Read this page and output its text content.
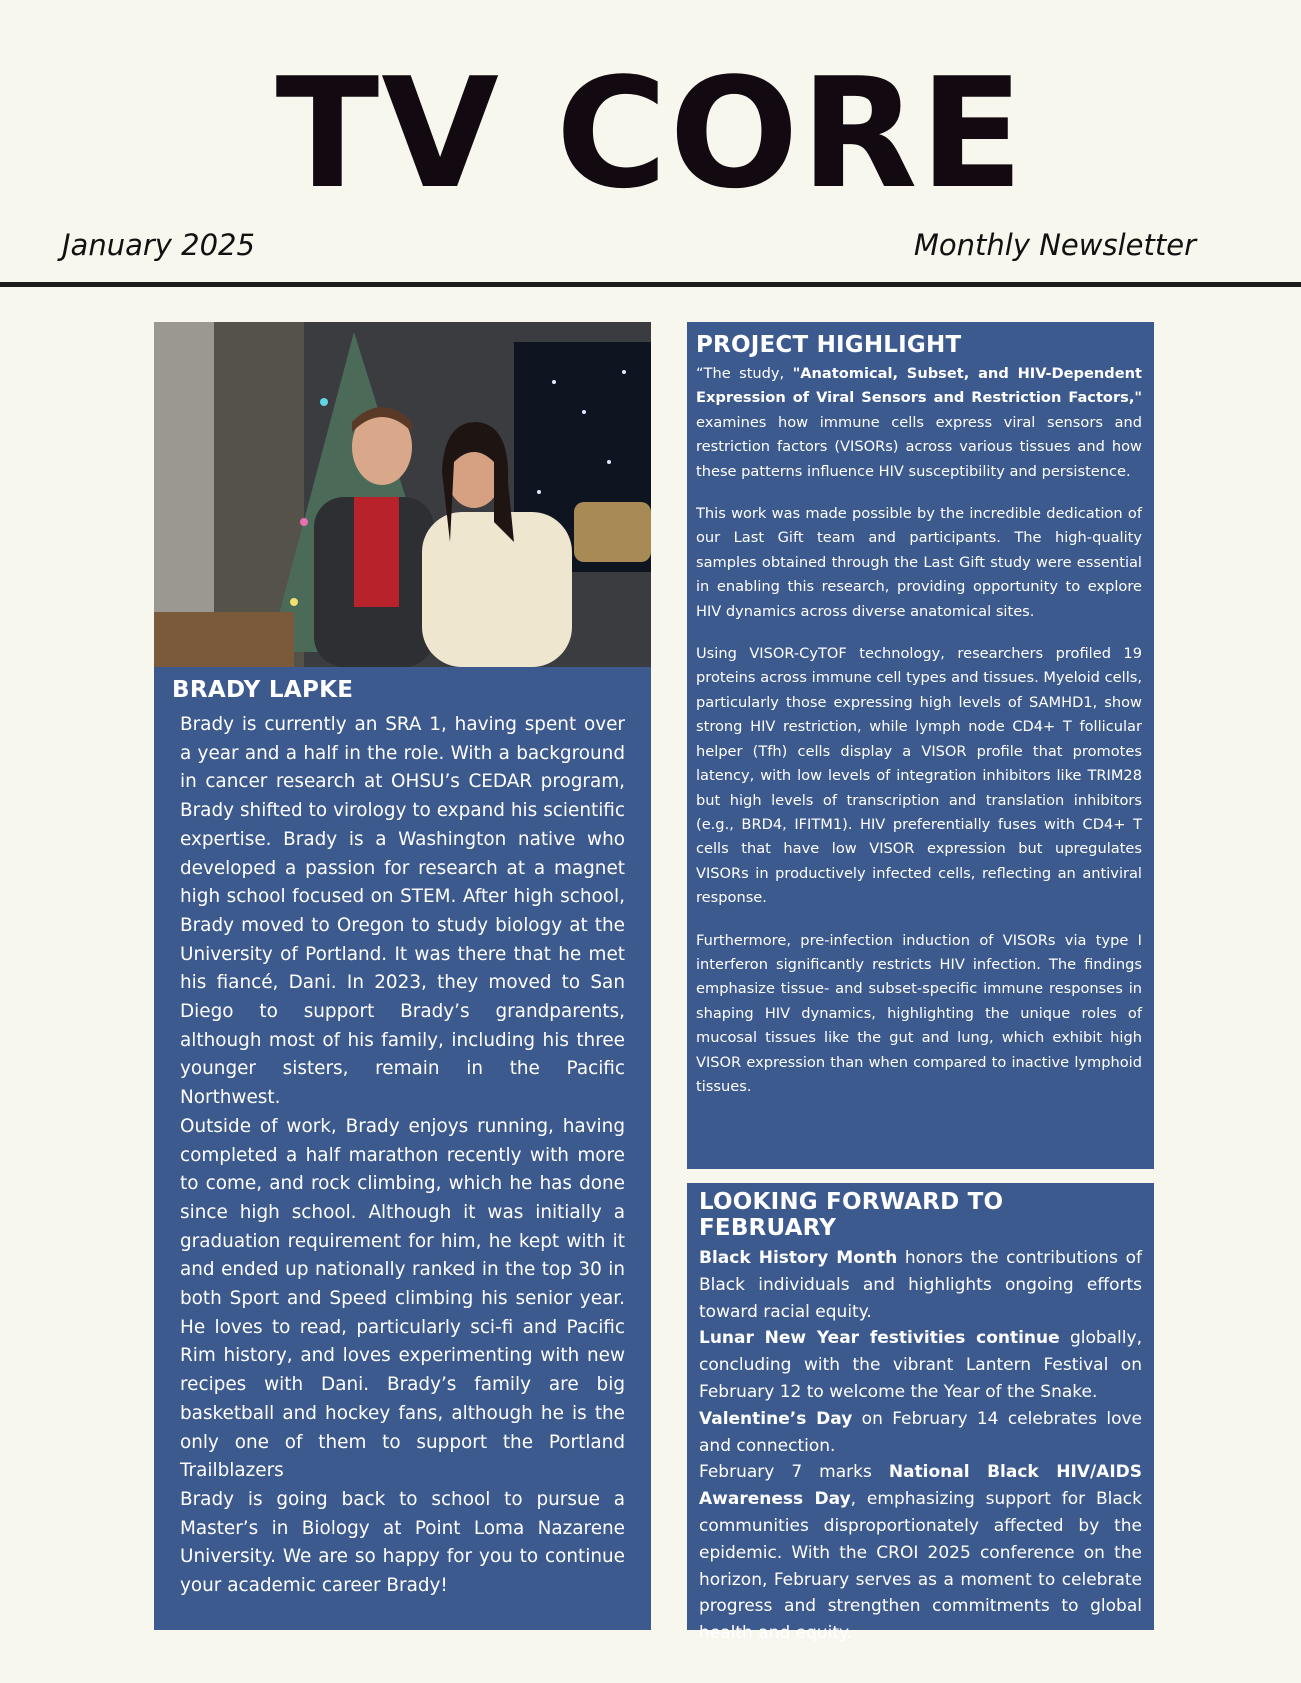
TV CORE
January 2025	Monthly Newsletter
BRADY LAPKE

Brady is currently an SRA 1, having spent over a year and a half in the role. With a background in cancer research at OHSU’s CEDAR program, Brady shifted to virology to expand his scientific expertise. Brady is a Washington native who developed a passion for research at a magnet high school focused on STEM. After high school, Brady moved to Oregon to study biology at the University of Portland. It was there that he met his fiancé, Dani. In 2023, they moved to San Diego to support Brady’s grandparents, although most of his family, including his three younger sisters, remain in the Pacific Northwest.

Outside of work, Brady enjoys running, having completed a half marathon recently with more to come, and rock climbing, which he has done since high school. Although it was initially a graduation requirement for him, he kept with it and ended up nationally ranked in the top 30 in both Sport and Speed climbing his senior year. He loves to read, particularly sci-fi and Pacific Rim history, and loves experimenting with new recipes with Dani. Brady’s family are big basketball and hockey fans, although he is the only one of them to support the Portland Trailblazers

Brady is going back to school to pursue a Master’s in Biology at Point Loma Nazarene University. We are so happy for you to continue your academic career Brady!

PROJECT HIGHLIGHT

“The study, "Anatomical, Subset, and HIV-Dependent Expression of Viral Sensors and Restriction Factors," examines how immune cells express viral sensors and restriction factors (VISORs) across various tissues and how these patterns influence HIV susceptibility and persistence.

This work was made possible by the incredible dedication of our Last Gift team and participants. The high-quality samples obtained through the Last Gift study were essential in enabling this research, providing opportunity to explore HIV dynamics across diverse anatomical sites.

Using VISOR-CyTOF technology, researchers profiled 19 proteins across immune cell types and tissues. Myeloid cells, particularly those expressing high levels of SAMHD1, show strong HIV restriction, while lymph node CD4+ T follicular helper (Tfh) cells display a VISOR profile that promotes latency, with low levels of integration inhibitors like TRIM28 but high levels of transcription and translation inhibitors (e.g., BRD4, IFITM1). HIV preferentially fuses with CD4+ T cells that have low VISOR expression but upregulates VISORs in productively infected cells, reflecting an antiviral response.

Furthermore, pre-infection induction of VISORs via type I interferon significantly restricts HIV infection. The findings emphasize tissue- and subset-specific immune responses in shaping HIV dynamics, highlighting the unique roles of mucosal tissues like the gut and lung, which exhibit high VISOR expression than when compared to inactive lymphoid tissues.

LOOKING FORWARD TO FEBRUARY

Black History Month honors the contributions of Black individuals and highlights ongoing efforts toward racial equity.

Lunar New Year festivities continue globally, concluding with the vibrant Lantern Festival on February 12 to welcome the Year of the Snake.

Valentine’s Day on February 14 celebrates love and connection.

February 7 marks National Black HIV/AIDS Awareness Day, emphasizing support for Black communities disproportionately affected by the epidemic. With the CROI 2025 conference on the horizon, February serves as a moment to celebrate progress and strengthen commitments to global health and equity.
